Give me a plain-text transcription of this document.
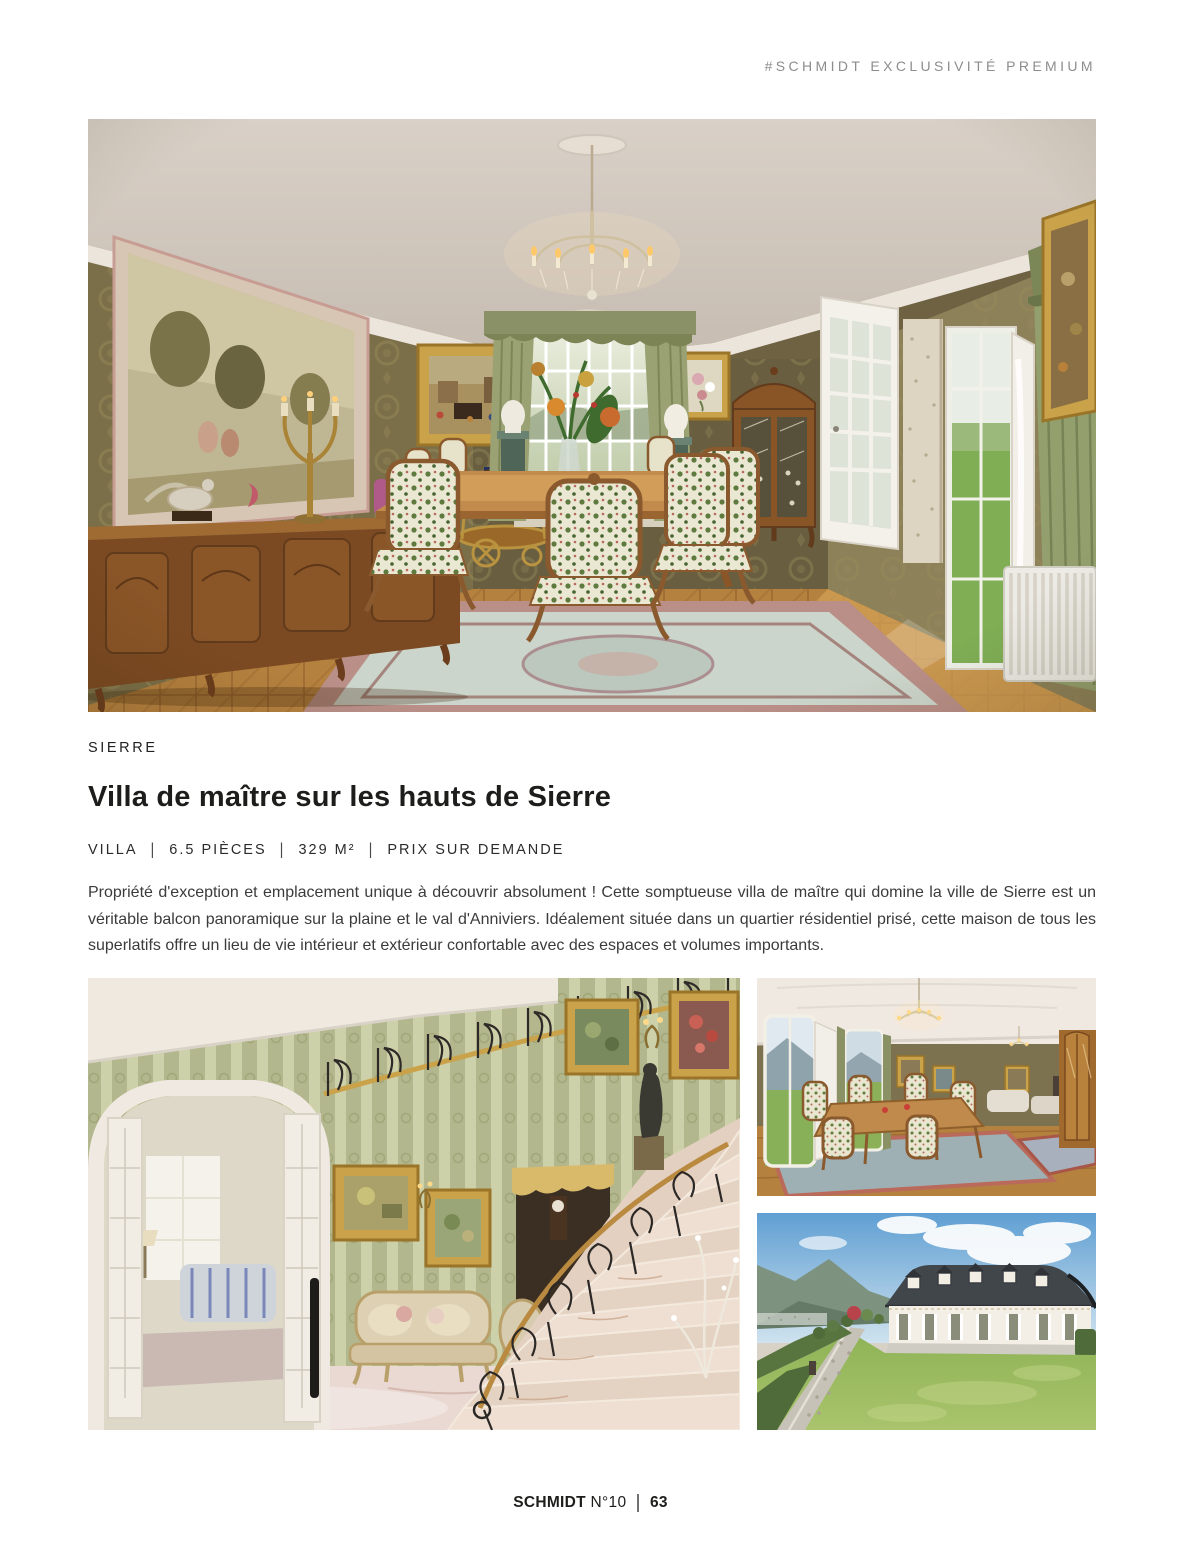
#SCHMIDT EXCLUSIVITÉ PREMIUM
SIERRE
Villa de maître sur les hauts de Sierre
VILLA | 6.5 PIÈCES | 329 M² | PRIX SUR DEMANDE

Propriété d'exception et emplacement unique à découvrir absolument ! Cette somptueuse villa de maître qui domine la ville de Sierre est un véritable balcon panoramique sur la plaine et le val d'Anniviers. Idéalement située dans un quartier résidentiel prisé, cette maison de tous les superlatifs offre un lieu de vie intérieur et extérieur confortable avec des espaces et volumes importants.

SCHMIDT N°10 | 63
